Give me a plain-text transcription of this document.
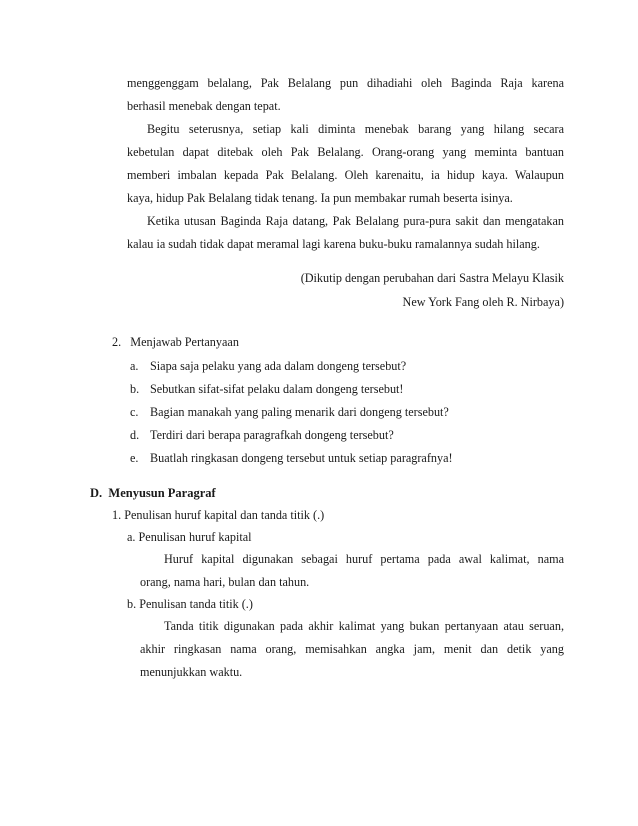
menggenggam belalang, Pak Belalang pun dihadiahi oleh Baginda Raja karena

berhasil menebak dengan tepat.

Begitu seterusnya, setiap kali diminta menebak barang yang hilang secara

kebetulan dapat ditebak oleh Pak Belalang. Orang-orang yang meminta bantuan

memberi imbalan kepada Pak Belalang. Oleh karenaitu, ia hidup kaya. Walaupun

kaya, hidup Pak Belalang tidak tenang. Ia pun membakar rumah beserta isinya.

Ketika utusan Baginda Raja datang, Pak Belalang pura-pura sakit dan mengatakan

kalau ia sudah tidak dapat meramal lagi karena buku-buku ramalannya sudah hilang.

(Dikutip dengan perubahan dari Sastra Melayu Klasik

New York Fang oleh R. Nirbaya)

2.   Menjawab Pertanyaan

a. Siapa saja pelaku yang ada dalam dongeng tersebut?
b. Sebutkan sifat-sifat pelaku dalam dongeng tersebut!
c. Bagian manakah yang paling menarik dari dongeng tersebut?
d. Terdiri dari berapa paragrafkah dongeng tersebut?
e. Buatlah ringkasan dongeng tersebut untuk setiap paragrafnya!

D.  Menyusun Paragraf

1. Penulisan huruf kapital dan tanda titik (.)

a. Penulisan huruf kapital

Huruf kapital digunakan sebagai huruf pertama pada awal kalimat, nama

orang, nama hari, bulan dan tahun.

b. Penulisan tanda titik (.)

Tanda titik digunakan pada akhir kalimat yang bukan pertanyaan atau seruan,

akhir ringkasan nama orang, memisahkan angka jam, menit dan detik yang

menunjukkan waktu.
